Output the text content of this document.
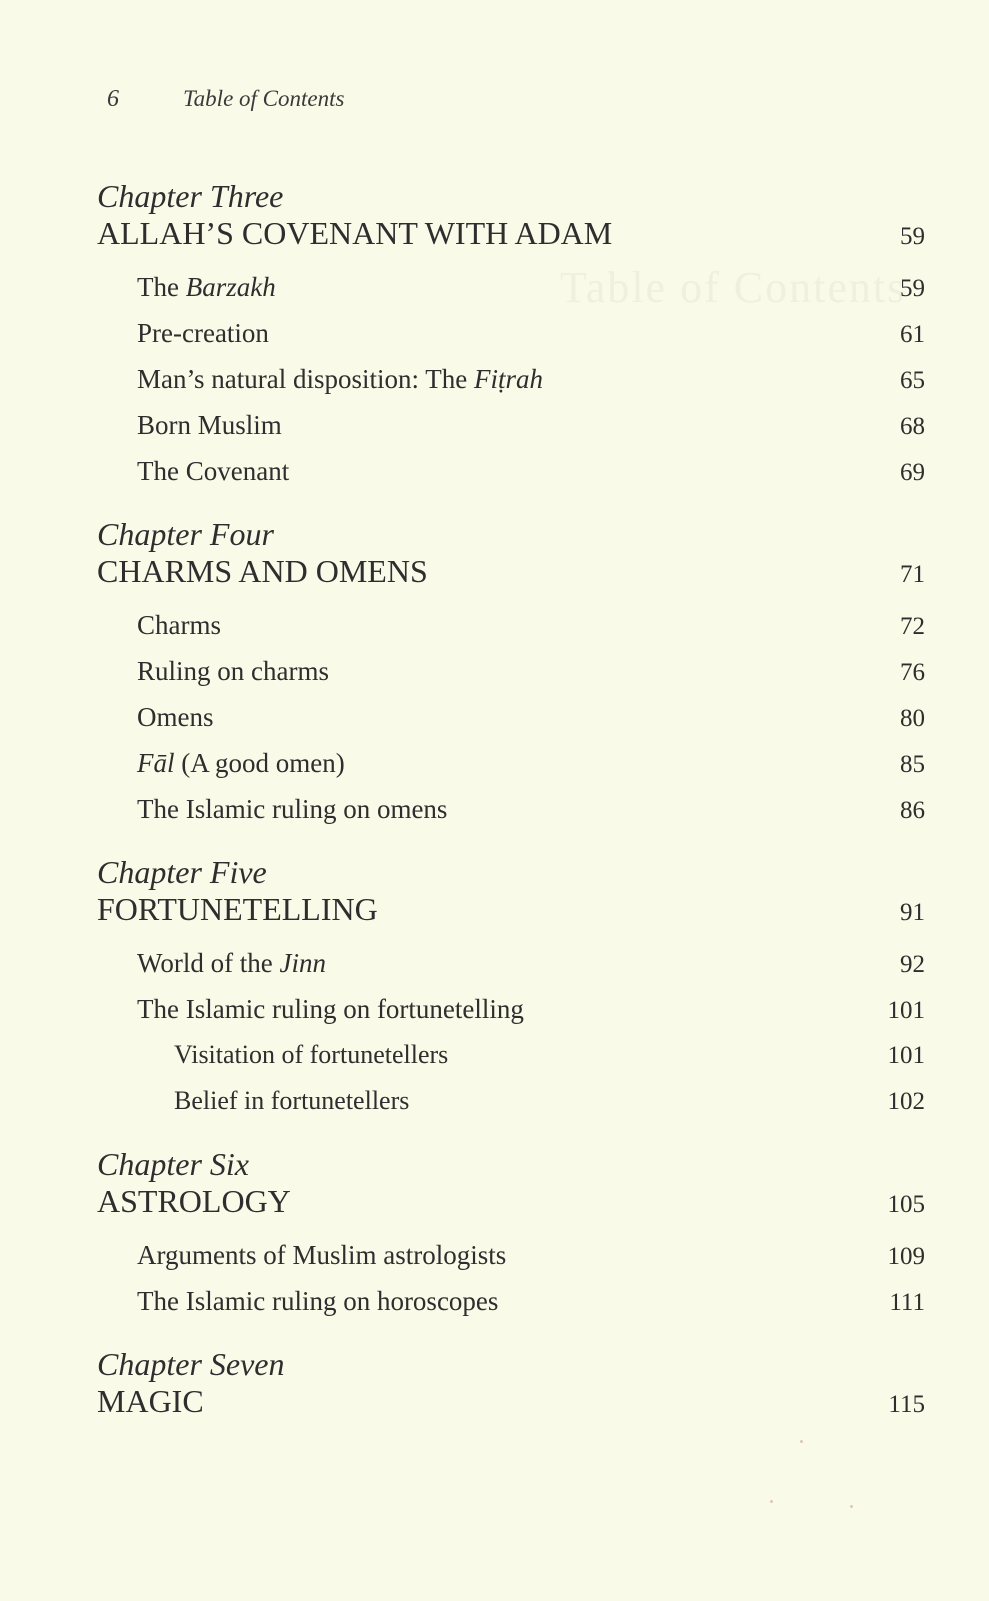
Table of Contents
6	Table of Contents
Chapter Three
ALLAH’S COVENANT WITH ADAM	59
The Barzakh	59
Pre-creation	61
Man’s natural disposition: The Fiṭrah	65
Born Muslim	68
The Covenant	69
Chapter Four
CHARMS AND OMENS	71
Charms	72
Ruling on charms	76
Omens	80
Fāl (A good omen)	85
The Islamic ruling on omens	86
Chapter Five
FORTUNETELLING	91
World of the Jinn	92
The Islamic ruling on fortunetelling	101
Visitation of fortunetellers	101
Belief in fortunetellers	102
Chapter Six
ASTROLOGY	105
Arguments of Muslim astrologists	109
The Islamic ruling on horoscopes	111
Chapter Seven
MAGIC	115
